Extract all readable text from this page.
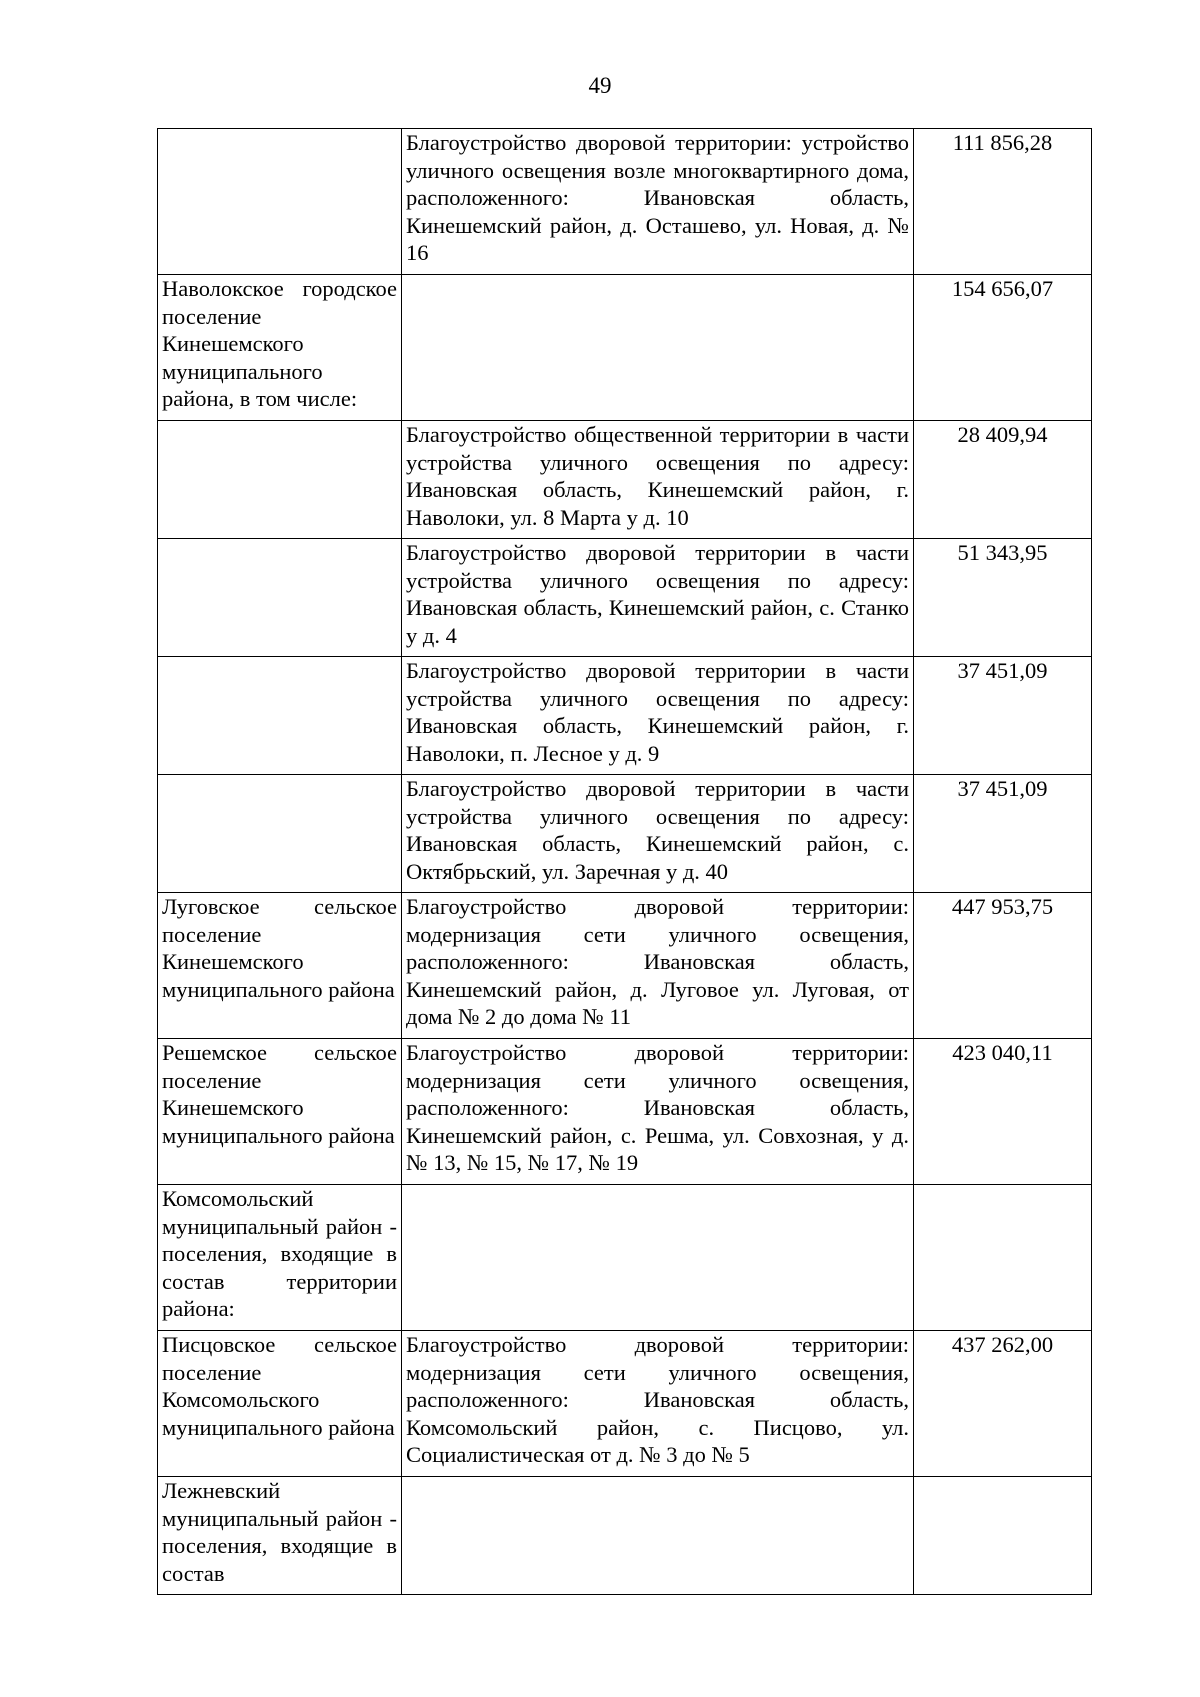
49
	Благоустройство дворовой территории: устройство уличного освещения возле многоквартирного дома, расположенного: Ивановская область, Кинешемский район, д. Осташево, ул. Новая, д. № 16	111 856,28
Наволокское городское поселение Кинешемского муниципального района, в том числе:		154 656,07
	Благоустройство общественной территории в части устройства уличного освещения по адресу: Ивановская область, Кинешемский район, г. Наволоки, ул. 8 Марта у д. 10	28 409,94
	Благоустройство дворовой территории в части устройства уличного освещения по адресу: Ивановская область, Кинешемский район, с. Станко у д. 4	51 343,95
	Благоустройство дворовой территории в части устройства уличного освещения по адресу: Ивановская область, Кинешемский район, г. Наволоки, п. Лесное у д. 9	37 451,09
	Благоустройство дворовой территории в части устройства уличного освещения по адресу: Ивановская область, Кинешемский район, с. Октябрьский, ул. Заречная у д. 40	37 451,09
Луговское сельское поселение Кинешемского муниципального района	Благоустройство дворовой территории: модернизация сети уличного освещения, расположенного: Ивановская область, Кинешемский район, д. Луговое ул. Луговая, от дома № 2 до дома № 11	447 953,75
Решемское сельское поселение Кинешемского муниципального района	Благоустройство дворовой территории: модернизация сети уличного освещения, расположенного: Ивановская область, Кинешемский район, с. Решма, ул. Совхозная, у д. № 13, № 15, № 17, № 19	423 040,11
Комсомольский муниципальный район - поселения, входящие в состав территории района:		
Писцовское сельское поселение Комсомольского муниципального района	Благоустройство дворовой территории: модернизация сети уличного освещения, расположенного: Ивановская область, Комсомольский район, с. Писцово, ул. Социалистическая от д. № 3 до № 5	437 262,00
Лежневский муниципальный район - поселения, входящие в состав		
